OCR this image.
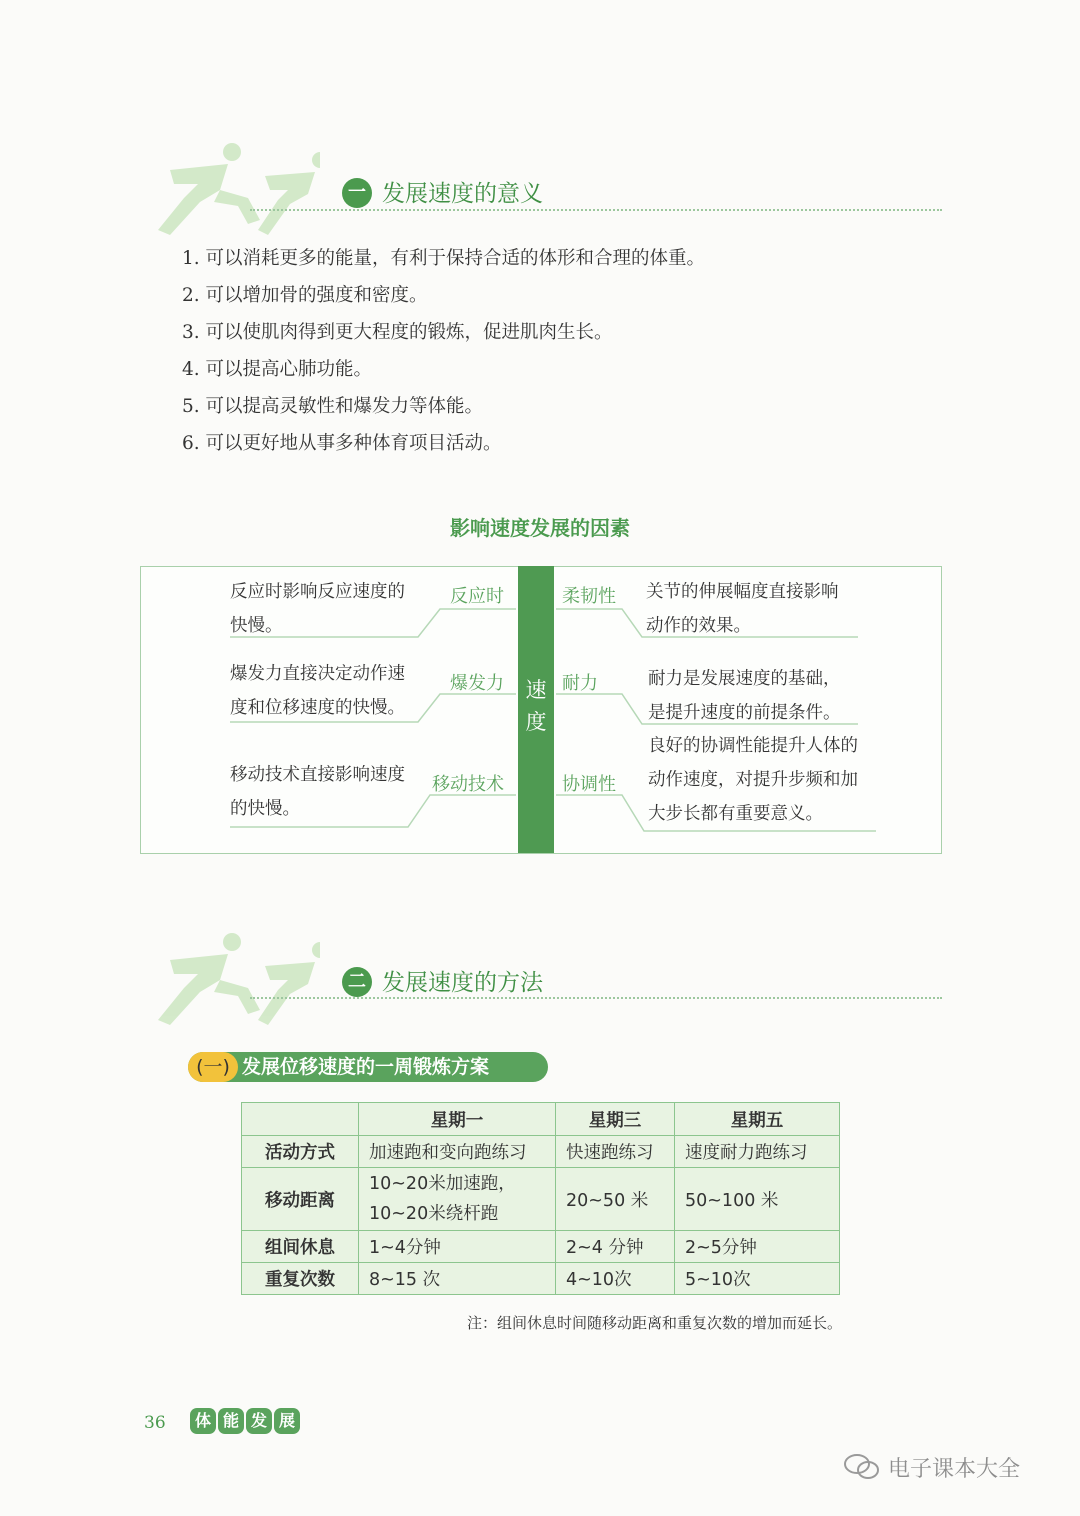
一 发展速度的意义
1. 可以消耗更多的能量，有利于保持合适的体形和合理的体重。
2. 可以增加骨的强度和密度。
3. 可以使肌肉得到更大程度的锻炼，促进肌肉生长。
4. 可以提高心肺功能。
5. 可以提高灵敏性和爆发力等体能。
6. 可以更好地从事多种体育项目活动。
影响速度发展的因素
速
度
反应时
反应时影响反应速度的
快慢。
爆发力
爆发力直接决定动作速
度和位移速度的快慢。
移动技术
移动技术直接影响速度
的快慢。
柔韧性 关节的伸展幅度直接影响
动作的效果。
耐力	耐力是发展速度的基础，
是提升速度的前提条件。
协调性
良好的协调性能提升人体的
动作速度，对提升步频和加
大步长都有重要意义。
二 发展速度的方法
(一) 发展位移速度的一周锻炼方案
	星期一	星期三	星期五
活动方式	加速跑和变向跑练习	快速跑练习	速度耐力跑练习
移动距离	10~20米加速跑，
10~20米绕杆跑	20~50 米	50~100 米
组间休息	1~4分钟	2~4 分钟	2~5分钟
重复次数	8~15 次	4~10次	5~10次
注：组间休息时间随移动距离和重复次数的增加而延长。
36	体 能 发 展
电子课本大全
